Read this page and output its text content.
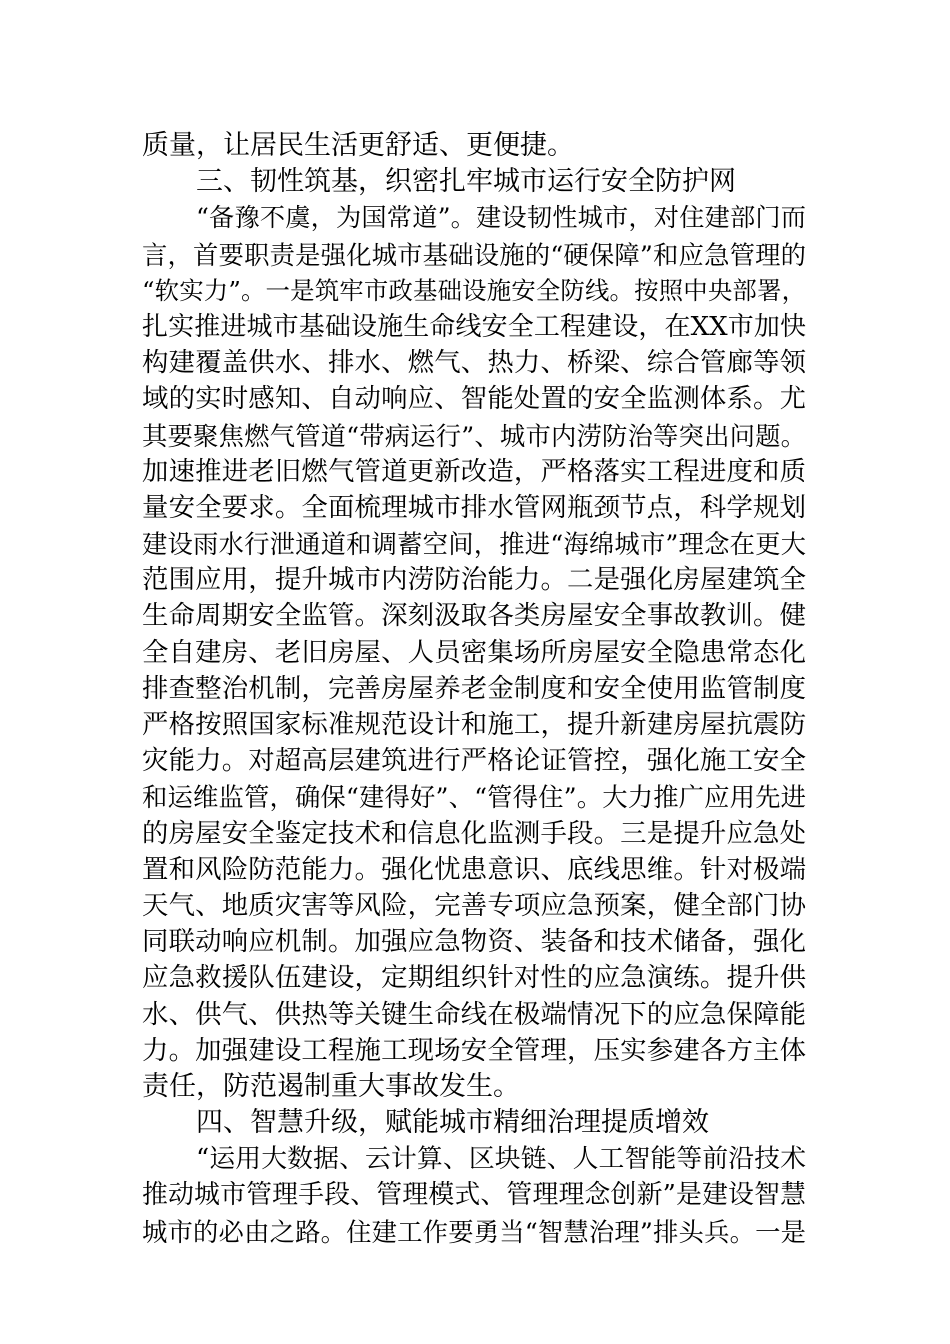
质量，让居民生活更舒适、更便捷。
三、韧性筑基，织密扎牢城市运行安全防护网
“备豫不虞，为国常道”。建设韧性城市，对住建部门而
言，首要职责是强化城市基础设施的“硬保障”和应急管理的
“软实力”。一是筑牢市政基础设施安全防线。按照中央部署，
扎实推进城市基础设施生命线安全工程建设，在XX市加快
构建覆盖供水、排水、燃气、热力、桥梁、综合管廊等领
域的实时感知、自动响应、智能处置的安全监测体系。尤
其要聚焦燃气管道“带病运行”、城市内涝防治等突出问题。
加速推进老旧燃气管道更新改造，严格落实工程进度和质
量安全要求。全面梳理城市排水管网瓶颈节点，科学规划
建设雨水行泄通道和调蓄空间，推进“海绵城市”理念在更大
范围应用，提升城市内涝防治能力。二是强化房屋建筑全
生命周期安全监管。深刻汲取各类房屋安全事故教训。健
全自建房、老旧房屋、人员密集场所房屋安全隐患常态化
排查整治机制，完善房屋养老金制度和安全使用监管制度
严格按照国家标准规范设计和施工，提升新建房屋抗震防
灾能力。对超高层建筑进行严格论证管控，强化施工安全
和运维监管，确保“建得好”、“管得住”。大力推广应用先进
的房屋安全鉴定技术和信息化监测手段。三是提升应急处
置和风险防范能力。强化忧患意识、底线思维。针对极端
天气、地质灾害等风险，完善专项应急预案，健全部门协
同联动响应机制。加强应急物资、装备和技术储备，强化
应急救援队伍建设，定期组织针对性的应急演练。提升供
水、供气、供热等关键生命线在极端情况下的应急保障能
力。加强建设工程施工现场安全管理，压实参建各方主体
责任，防范遏制重大事故发生。
四、智慧升级，赋能城市精细治理提质增效
“运用大数据、云计算、区块链、人工智能等前沿技术
推动城市管理手段、管理模式、管理理念创新”是建设智慧
城市的必由之路。住建工作要勇当“智慧治理”排头兵。一是
